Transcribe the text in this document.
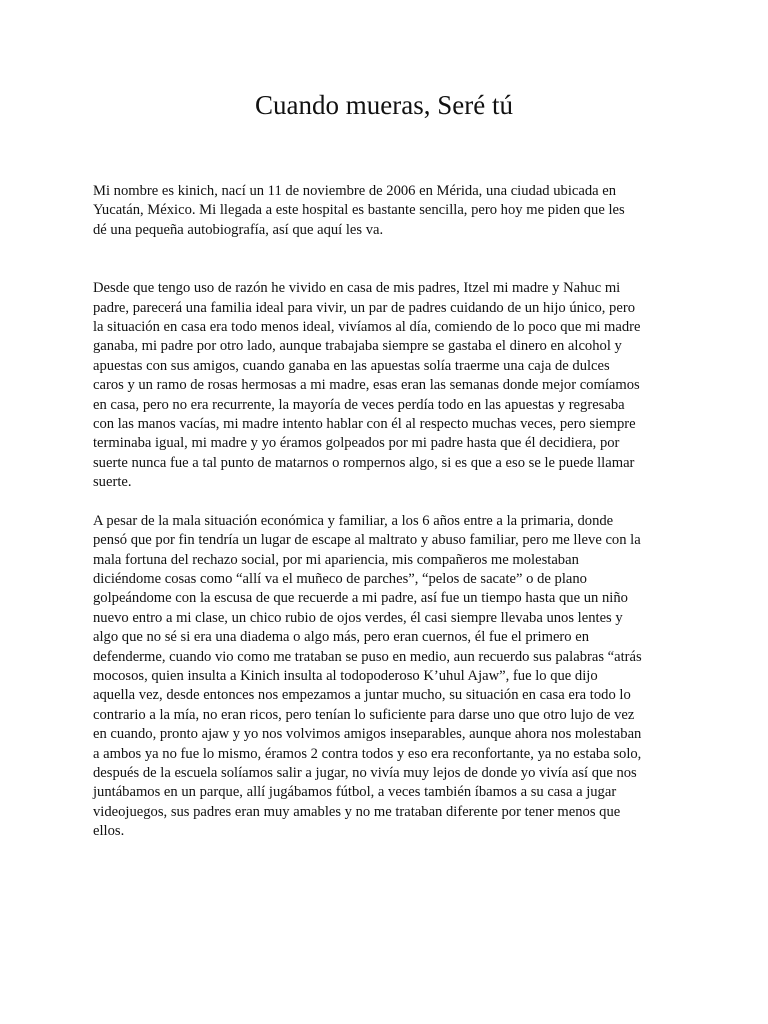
Cuando mueras, Seré tú

Mi nombre es kinich, nací un 11 de noviembre de 2006 en Mérida, una ciudad ubicada en
Yucatán, México. Mi llegada a este hospital es bastante sencilla, pero hoy me piden que les
dé una pequeña autobiografía, así que aquí les va.

Desde que tengo uso de razón he vivido en casa de mis padres, Itzel mi madre y Nahuc mi
padre, parecerá una familia ideal para vivir, un par de padres cuidando de un hijo único, pero
la situación en casa era todo menos ideal, vivíamos al día, comiendo de lo poco que mi madre
ganaba, mi padre por otro lado, aunque trabajaba siempre se gastaba el dinero en alcohol y
apuestas con sus amigos, cuando ganaba en las apuestas solía traerme una caja de dulces
caros y un ramo de rosas hermosas a mi madre, esas eran las semanas donde mejor comíamos
en casa, pero no era recurrente, la mayoría de veces perdía todo en las apuestas y regresaba
con las manos vacías, mi madre intento hablar con él al respecto muchas veces, pero siempre
terminaba igual, mi madre y yo éramos golpeados por mi padre hasta que él decidiera, por
suerte nunca fue a tal punto de matarnos o rompernos algo, si es que a eso se le puede llamar
suerte.

A pesar de la mala situación económica y familiar, a los 6 años entre a la primaria, donde
pensó que por fin tendría un lugar de escape al maltrato y abuso familiar, pero me lleve con la
mala fortuna del rechazo social, por mi apariencia, mis compañeros me molestaban
diciéndome cosas como “allí va el muñeco de parches”, “pelos de sacate” o de plano
golpeándome con la escusa de que recuerde a mi padre, así fue un tiempo hasta que un niño
nuevo entro a mi clase, un chico rubio de ojos verdes, él casi siempre llevaba unos lentes y
algo que no sé si era una diadema o algo más, pero eran cuernos, él fue el primero en
defenderme, cuando vio como me trataban se puso en medio, aun recuerdo sus palabras “atrás
mocosos, quien insulta a Kinich insulta al todopoderoso K’uhul Ajaw”, fue lo que dijo
aquella vez, desde entonces nos empezamos a juntar mucho, su situación en casa era todo lo
contrario a la mía, no eran ricos, pero tenían lo suficiente para darse uno que otro lujo de vez
en cuando, pronto ajaw y yo nos volvimos amigos inseparables, aunque ahora nos molestaban
a ambos ya no fue lo mismo, éramos 2 contra todos y eso era reconfortante, ya no estaba solo,
después de la escuela solíamos salir a jugar, no vivía muy lejos de donde yo vivía así que nos
juntábamos en un parque, allí jugábamos fútbol, a veces también íbamos a su casa a jugar
videojuegos, sus padres eran muy amables y no me trataban diferente por tener menos que
ellos.
